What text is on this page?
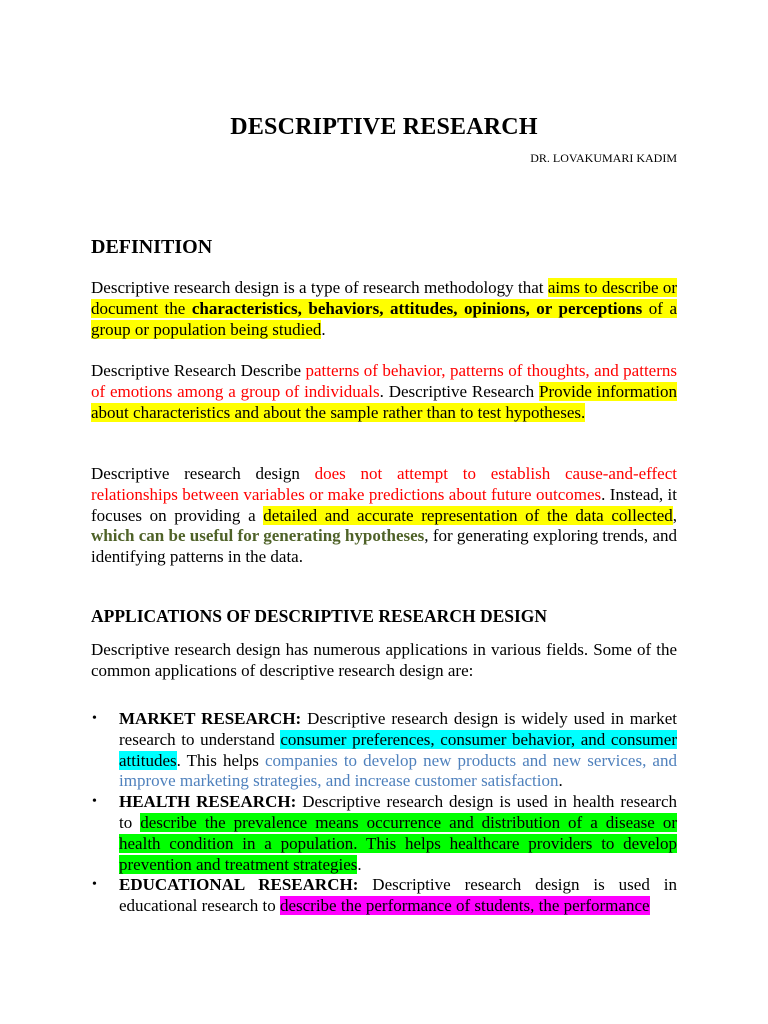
DESCRIPTIVE RESEARCH
DR. LOVAKUMARI KADIM
DEFINITION

Descriptive research design is a type of research methodology that aims to describe or document the characteristics, behaviors, attitudes, opinions, or perceptions of a group or population being studied.

Descriptive Research Describe patterns of behavior, patterns of thoughts, and patterns of emotions among a group of individuals. Descriptive Research Provide information about characteristics and about the sample rather than to test hypotheses.

Descriptive research design does not attempt to establish cause-and-effect relationships between variables or make predictions about future outcomes. Instead, it focuses on providing a detailed and accurate representation of the data collected, which can be useful for generating hypotheses, for generating exploring trends, and identifying patterns in the data.

APPLICATIONS OF DESCRIPTIVE RESEARCH DESIGN

Descriptive research design has numerous applications in various fields. Some of the common applications of descriptive research design are:

• MARKET RESEARCH: Descriptive research design is widely used in market research to understand consumer preferences, consumer behavior, and consumer attitudes. This helps companies to develop new products and new services, and improve marketing strategies, and increase customer satisfaction.
• HEALTH RESEARCH: Descriptive research design is used in health research to describe the prevalence means occurrence and distribution of a disease or health condition in a population. This helps healthcare providers to develop prevention and treatment strategies.
• EDUCATIONAL RESEARCH: Descriptive research design is used in educational research to describe the performance of students, the performance
